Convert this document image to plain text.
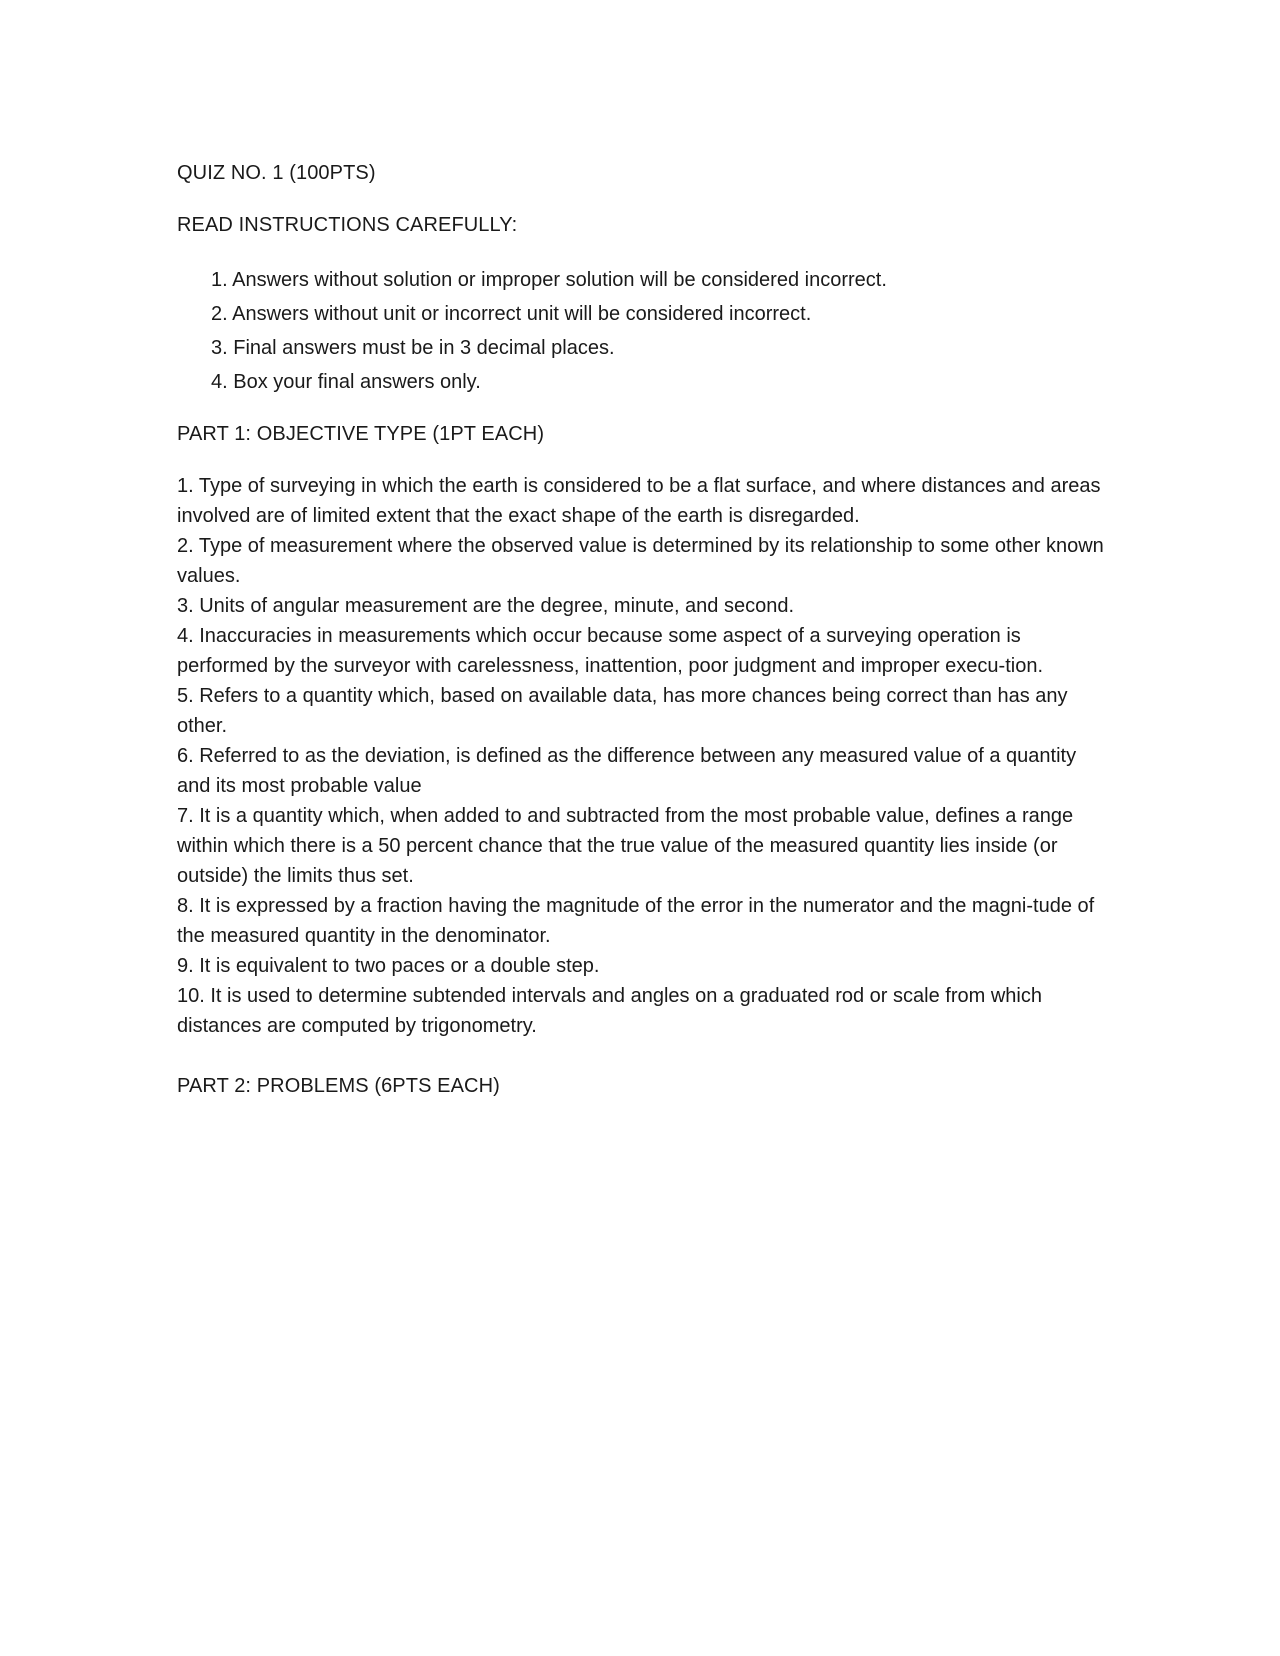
QUIZ NO. 1 (100PTS)

READ INSTRUCTIONS CAREFULLY:

1. Answers without solution or improper solution will be considered incorrect.
2. Answers without unit or incorrect unit will be considered incorrect.
3. Final answers must be in 3 decimal places.
4. Box your final answers only.

PART 1: OBJECTIVE TYPE (1PT EACH)

1. Type of surveying in which the earth is considered to be a flat surface, and where distances and areas involved are of limited extent that the exact shape of the earth is disregarded.
2. Type of measurement where the observed value is determined by its relationship to some other known values.
3. Units of angular measurement are the degree, minute, and second.
4. Inaccuracies in measurements which occur because some aspect of a surveying operation is performed by the surveyor with carelessness, inattention, poor judgment and improper execu-tion.
5. Refers to a quantity which, based on available data, has more chances being correct than has any other.
6. Referred to as the deviation, is defined as the difference between any measured value of a quantity and its most probable value
7. It is a quantity which, when added to and subtracted from the most probable value, defines a range within which there is a 50 percent chance that the true value of the measured quantity lies inside (or outside) the limits thus set.
8. It is expressed by a fraction having the magnitude of the error in the numerator and the magni-tude of the measured quantity in the denominator.
9. It is equivalent to two paces or a double step.
10. It is used to determine subtended intervals and angles on a graduated rod or scale from which distances are computed by trigonometry.

PART 2: PROBLEMS (6PTS EACH)
